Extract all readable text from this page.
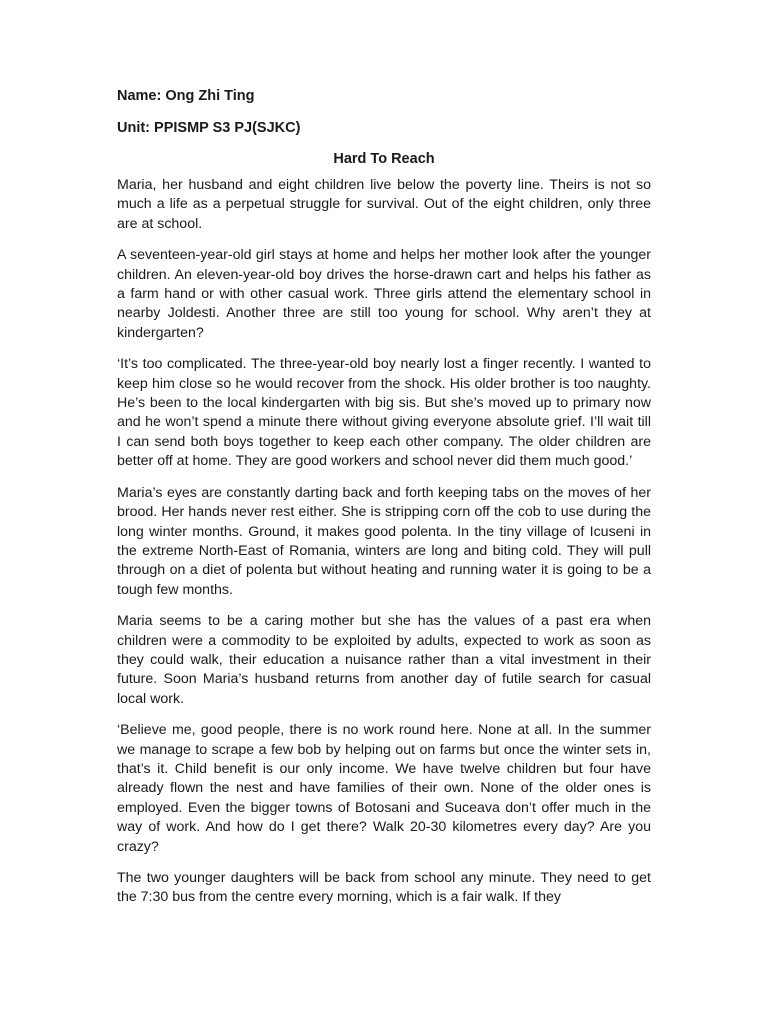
Name: Ong Zhi Ting

Unit: PPISMP S3 PJ(SJKC)

Hard To Reach

Maria, her husband and eight children live below the poverty line. Theirs is not so much a life as a perpetual struggle for survival. Out of the eight children, only three are at school.

A seventeen-year-old girl stays at home and helps her mother look after the younger children. An eleven-year-old boy drives the horse-drawn cart and helps his father as a farm hand or with other casual work. Three girls attend the elementary school in nearby Joldesti. Another three are still too young for school. Why aren’t they at kindergarten?

‘It’s too complicated. The three-year-old boy nearly lost a finger recently. I wanted to keep him close so he would recover from the shock. His older brother is too naughty. He’s been to the local kindergarten with big sis. But she’s moved up to primary now and he won’t spend a minute there without giving everyone absolute grief. I’ll wait till I can send both boys together to keep each other company. The older children are better off at home. They are good workers and school never did them much good.’

Maria’s eyes are constantly darting back and forth keeping tabs on the moves of her brood. Her hands never rest either. She is stripping corn off the cob to use during the long winter months. Ground, it makes good polenta. In the tiny village of Icuseni in the extreme North-East of Romania, winters are long and biting cold. They will pull through on a diet of polenta but without heating and running water it is going to be a tough few months.

Maria seems to be a caring mother but she has the values of a past era when children were a commodity to be exploited by adults, expected to work as soon as they could walk, their education a nuisance rather than a vital investment in their future. Soon Maria’s husband returns from another day of futile search for casual local work.

‘Believe me, good people, there is no work round here. None at all. In the summer we manage to scrape a few bob by helping out on farms but once the winter sets in, that’s it. Child benefit is our only income. We have twelve children but four have already flown the nest and have families of their own. None of the older ones is employed. Even the bigger towns of Botosani and Suceava don’t offer much in the way of work. And how do I get there? Walk 20-30 kilometres every day? Are you crazy?

The two younger daughters will be back from school any minute. They need to get the 7:30 bus from the centre every morning, which is a fair walk. If they
